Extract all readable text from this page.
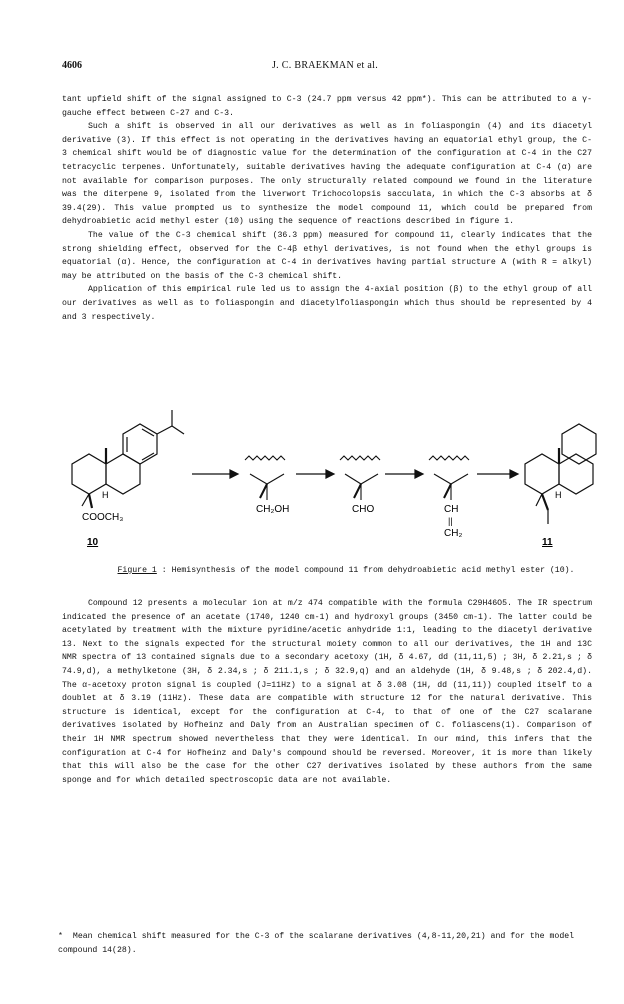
4606	J. C. BRAEKMAN et al.

tant upfield shift of the signal assigned to C-3 (24.7 ppm versus 42 ppm*). This can be attributed to a γ-gauche effect between C-27 and C-3.

Such a shift is observed in all our derivatives as well as in foliaspongin (4) and its diacetyl derivative (3). If this effect is not operating in the derivatives having an equatorial ethyl group, the C-3 chemical shift would be of diagnostic value for the determination of the configuration at C-4 in the C27 tetracyclic terpenes. Unfortunately, suitable derivatives having the adequate configuration at C-4 (α) are not available for comparison purposes. The only structurally related compound we found in the literature was the diterpene 9, isolated from the liverwort Trichocolopsis sacculata, in which the C-3 absorbs at δ 39.4(29). This value prompted us to synthesize the model compound 11, which could be prepared from dehydroabietic acid methyl ester (10) using the sequence of reactions described in figure 1.

The value of the C-3 chemical shift (36.3 ppm) measured for compound 11, clearly indicates that the strong shielding effect, observed for the C-4β ethyl derivatives, is not found when the ethyl groups is equatorial (α). Hence, the configuration at C-4 in derivatives having partial structure A (with R = alkyl) may be attributed on the basis of the C-3 chemical shift.

Application of this empirical rule led us to assign the 4-axial position (β) to the ethyl group of all our derivatives as well as to foliaspongin and diacetylfoliaspongin which thus should be represented by 4 and 3 respectively.

H
COOCH₃
10
CH₂OH	CHO	CH
||
CH₂
H
11
Figure 1 : Hemisynthesis of the model compound 11 from dehydroabietic acid methyl ester (10).

Compound 12 presents a molecular ion at m/z 474 compatible with the formula C29H46O5. The IR spectrum indicated the presence of an acetate (1740, 1240 cm-1) and hydroxyl groups (3450 cm-1). The latter could be acetylated by treatment with the mixture pyridine/acetic anhydride 1:1, leading to the diacetyl derivative 13. Next to the signals expected for the structural moiety common to all our derivatives, the 1H and 13C NMR spectra of 13 contained signals due to a secondary acetoxy (1H, δ 4.67, dd (11,11,5) ; 3H, δ 2.21,s ; δ 74.9,d), a methylketone (3H, δ 2.34,s ; δ 211.1,s ; δ 32.9,q) and an aldehyde (1H, δ 9.48,s ; δ 202.4,d). The α-acetoxy proton signal is coupled (J=11Hz) to a signal at δ 3.08 (1H, dd (11,11)) coupled itself to a doublet at δ 3.19 (11Hz). These data are compatible with structure 12 for the natural derivative. This structure is identical, except for the configuration at C-4, to that of one of the C27 scalarane derivatives isolated by Hofheinz and Daly from an Australian specimen of C. foliascens(1). Comparison of their 1H NMR spectrum showed nevertheless that they were identical. In our mind, this infers that the configuration at C-4 for Hofheinz and Daly's compound should be reversed. Moreover, it is more than likely that this will also be the case for the other C27 derivatives isolated by these authors from the same sponge and for which detailed spectroscopic data are not available.

* Mean chemical shift measured for the C-3 of the scalarane derivatives (4,8-11,20,21) and for the model compound 14(28).
